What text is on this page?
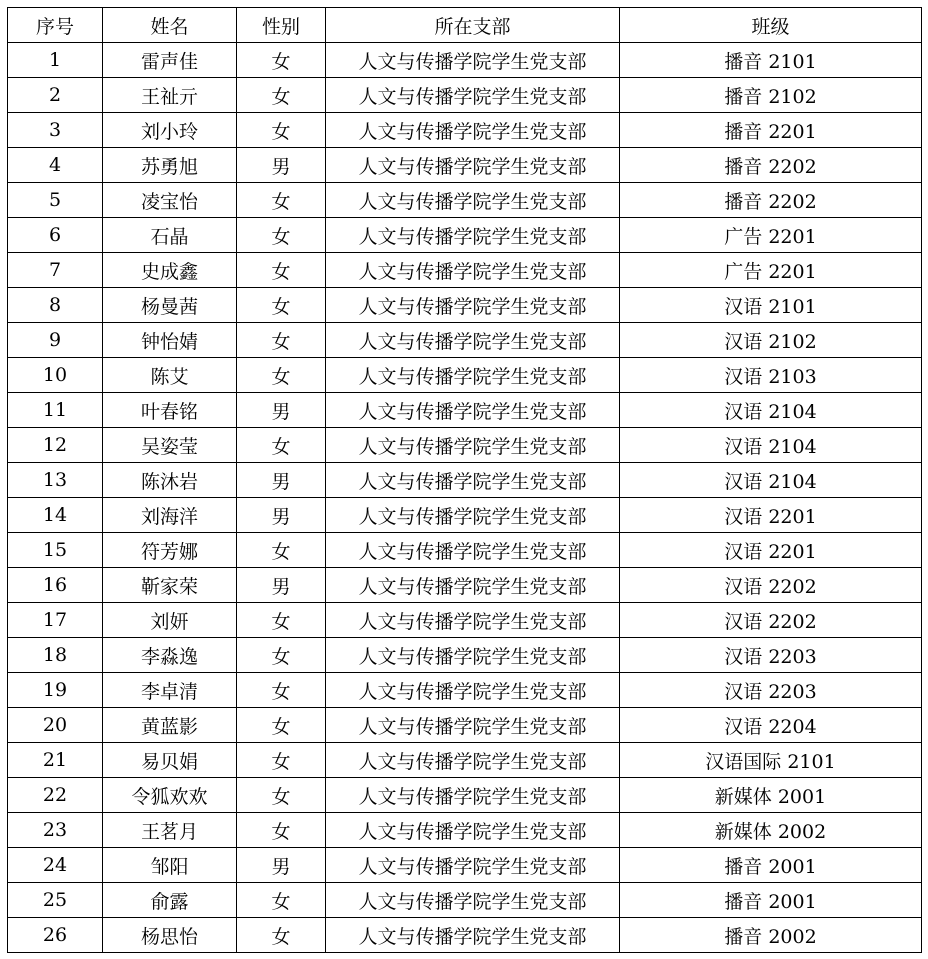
序号	姓名	性别	所在支部	班级
1	雷声佳	女	人文与传播学院学生党支部	播音 2101
2	王祉亓	女	人文与传播学院学生党支部	播音 2102
3	刘小玲	女	人文与传播学院学生党支部	播音 2201
4	苏勇旭	男	人文与传播学院学生党支部	播音 2202
5	凌宝怡	女	人文与传播学院学生党支部	播音 2202
6	石晶	女	人文与传播学院学生党支部	广告 2201
7	史成鑫	女	人文与传播学院学生党支部	广告 2201
8	杨曼茜	女	人文与传播学院学生党支部	汉语 2101
9	钟怡婧	女	人文与传播学院学生党支部	汉语 2102
10	陈艾	女	人文与传播学院学生党支部	汉语 2103
11	叶春铭	男	人文与传播学院学生党支部	汉语 2104
12	吴姿莹	女	人文与传播学院学生党支部	汉语 2104
13	陈沐岩	男	人文与传播学院学生党支部	汉语 2104
14	刘海洋	男	人文与传播学院学生党支部	汉语 2201
15	符芳娜	女	人文与传播学院学生党支部	汉语 2201
16	靳家荣	男	人文与传播学院学生党支部	汉语 2202
17	刘妍	女	人文与传播学院学生党支部	汉语 2202
18	李淼逸	女	人文与传播学院学生党支部	汉语 2203
19	李卓清	女	人文与传播学院学生党支部	汉语 2203
20	黄蓝影	女	人文与传播学院学生党支部	汉语 2204
21	易贝娟	女	人文与传播学院学生党支部	汉语国际 2101
22	令狐欢欢	女	人文与传播学院学生党支部	新媒体 2001
23	王茗月	女	人文与传播学院学生党支部	新媒体 2002
24	邹阳	男	人文与传播学院学生党支部	播音 2001
25	俞露	女	人文与传播学院学生党支部	播音 2001
26	杨思怡	女	人文与传播学院学生党支部	播音 2002
